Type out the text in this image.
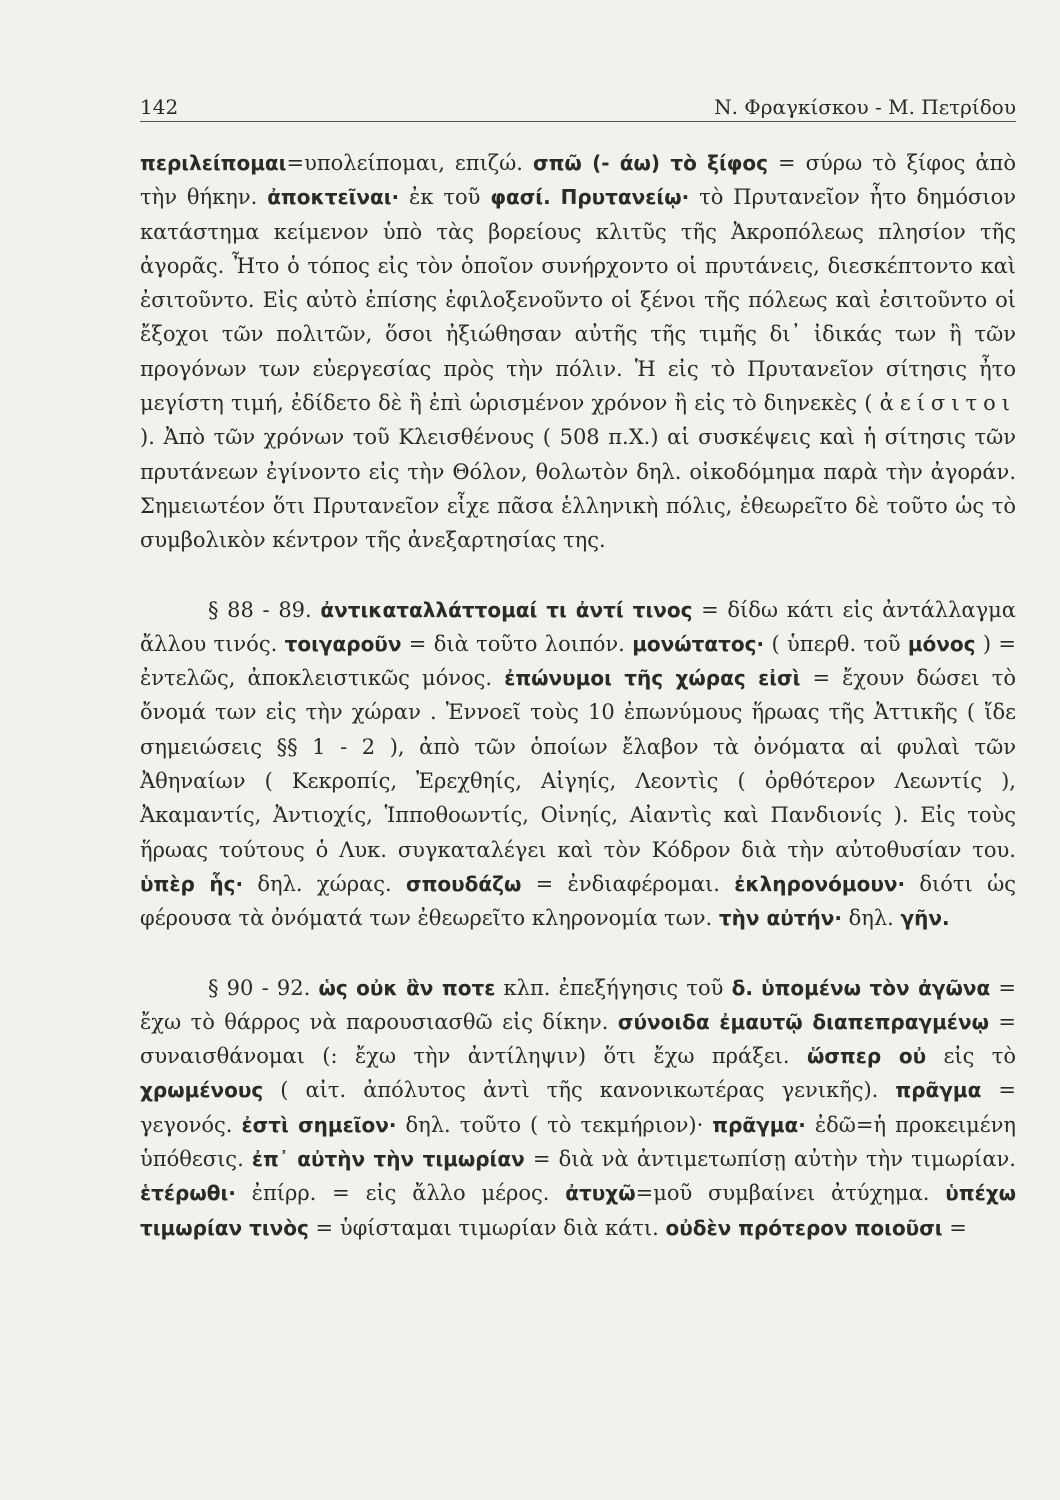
142	Ν. Φραγκίσκου - Μ. Πετρίδου

περιλείπομαι=υπολείπομαι, επιζώ. σπῶ (- άω) τὸ ξίφος = σύρω τὸ ξίφος ἀπὸ τὴν θήκην. ἀποκτεῖναι· ἐκ τοῦ φασί. Πρυτανείῳ· τὸ Πρυτανεῖον ἦτο δημόσιον κατάστημα κείμενον ὑπὸ τὰς βορείους κλιτῦς τῆς Ἀκροπόλεως πλησίον τῆς ἀγορᾶς. Ἦτο ὁ τόπος εἰς τὸν ὁποῖον συνήρχοντο οἱ πρυτάνεις, διεσκέπτοντο καὶ ἐσιτοῦντο. Εἰς αὐτὸ ἐπίσης ἐφιλοξενοῦντο οἱ ξένοι τῆς πόλεως καὶ ἐσιτοῦντο οἱ ἔξοχοι τῶν πολιτῶν, ὅσοι ἠξιώθησαν αὐτῆς τῆς τιμῆς δι᾿ ἰδικάς των ἢ τῶν προγόνων των εὐεργεσίας πρὸς τὴν πόλιν. Ἡ εἰς τὸ Πρυτανεῖον σίτησις ἦτο μεγίστη τιμή, ἐδίδετο δὲ ἢ ἐπὶ ὡρισμένον χρόνον ἢ εἰς τὸ διηνεκὲς ( ἀείσιτοι ). Ἀπὸ τῶν χρόνων τοῦ Κλεισθένους ( 508 π.Χ.) αἱ συσκέψεις καὶ ἡ σίτησις τῶν πρυτάνεων ἐγίνοντο εἰς τὴν Θόλον, θολωτὸν δηλ. οἰκοδόμημα παρὰ τὴν ἀγοράν. Σημειωτέον ὅτι Πρυτανεῖον εἶχε πᾶσα ἑλληνικὴ πόλις, ἐθεωρεῖτο δὲ τοῦτο ὡς τὸ συμβολικὸν κέντρον τῆς ἀνεξαρτησίας της.

§ 88 - 89. ἀντικαταλλάττομαί τι ἀντί τινος = δίδω κάτι εἰς ἀντάλλαγμα ἄλλου τινός. τοιγαροῦν = διὰ τοῦτο λοιπόν. μονώτατος· ( ὑπερθ. τοῦ μόνος ) = ἐντελῶς, ἀποκλειστικῶς μόνος. ἐπώνυμοι τῆς χώρας εἰσὶ = ἔχουν δώσει τὸ ὄνομά των εἰς τὴν χώραν . Ἐννοεῖ τοὺς 10 ἐπωνύμους ἥρωας τῆς Ἀττικῆς ( ἴδε σημειώσεις §§ 1 - 2 ), ἀπὸ τῶν ὁποίων ἔλαβον τὰ ὀνόματα αἱ φυλαὶ τῶν Ἀθηναίων ( Κεκροπίς, Ἐρεχθηίς, Αἰγηίς, Λεοντὶς ( ὀρθότερον Λεωντίς ), Ἀκαμαντίς, Ἀντιοχίς, Ἱπποθοωντίς, Οἰνηίς, Αἰαντὶς καὶ Πανδιονίς ). Εἰς τοὺς ἥρωας τούτους ὁ Λυκ. συγκαταλέγει καὶ τὸν Κόδρον διὰ τὴν αὐτοθυσίαν του. ὑπὲρ ἧς· δηλ. χώρας. σπουδάζω = ἐνδιαφέρομαι. ἐκληρονόμουν· διότι ὡς φέρουσα τὰ ὀνόματά των ἐθεωρεῖτο κληρονομία των. τὴν αὐτήν· δηλ. γῆν.

§ 90 - 92. ὡς οὐκ ἂν ποτε κλπ. ἐπεξήγησις τοῦ δ. ὑπομένω τὸν ἀγῶνα = ἔχω τὸ θάρρος νὰ παρουσιασθῶ εἰς δίκην. σύνοιδα ἐμαυτῷ διαπεπραγμένῳ = συναισθάνομαι (: ἔχω τὴν ἀντίληψιν) ὅτι ἔχω πράξει. ὥσπερ οὐ εἰς τὸ χρωμένους ( αἰτ. ἀπόλυτος ἀντὶ τῆς κανονικωτέρας γενικῆς). πρᾶγμα = γεγονός. ἐστὶ σημεῖον· δηλ. τοῦτο ( τὸ τεκμήριον)· πρᾶγμα· ἐδῶ=ἡ προκειμένη ὑπόθεσις. ἐπ᾿ αὐτὴν τὴν τιμωρίαν = διὰ νὰ ἀντιμετωπίσῃ αὐτὴν τὴν τιμωρίαν. ἑτέρωθι· ἐπίρρ. = εἰς ἄλλο μέρος. ἀτυχῶ=μοῦ συμβαίνει ἀτύχημα. ὑπέχω τιμωρίαν τινὸς = ὑφίσταμαι τιμωρίαν διὰ κάτι. οὐδὲν πρότερον ποιοῦσι =
